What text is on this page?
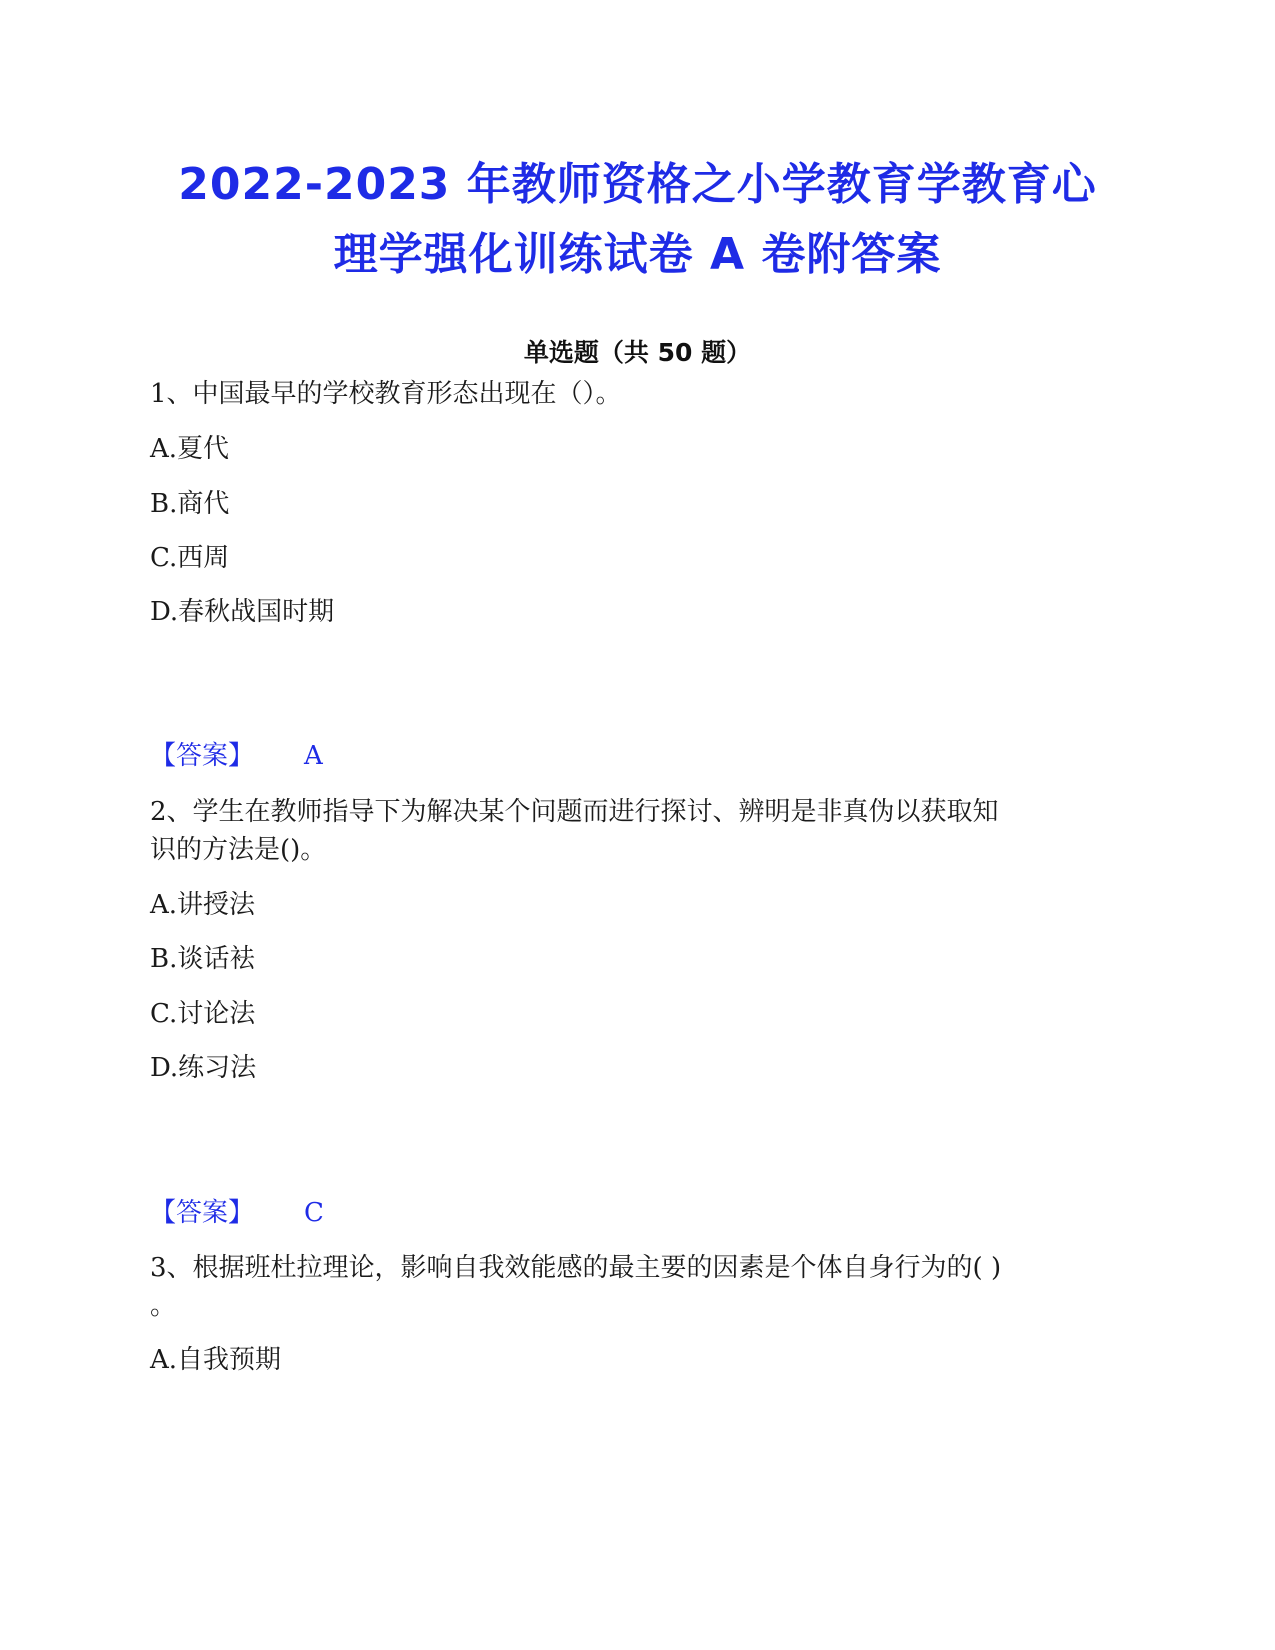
2022-2023 年教师资格之小学教育学教育心
理学强化训练试卷 A 卷附答案
单选题（共 50 题）
1、中国最早的学校教育形态出现在（）。
A.夏代
B.商代
C.西周
D.春秋战国时期
【答案】 A
2、学生在教师指导下为解决某个问题而进行探讨、辨明是非真伪以获取知
识的方法是()。
A.讲授法
B.谈话袪
C.讨论法
D.练习法
【答案】 C
3、根据班杜拉理论，影响自我效能感的最主要的因素是个体自身行为的( )
。
A.自我预期
